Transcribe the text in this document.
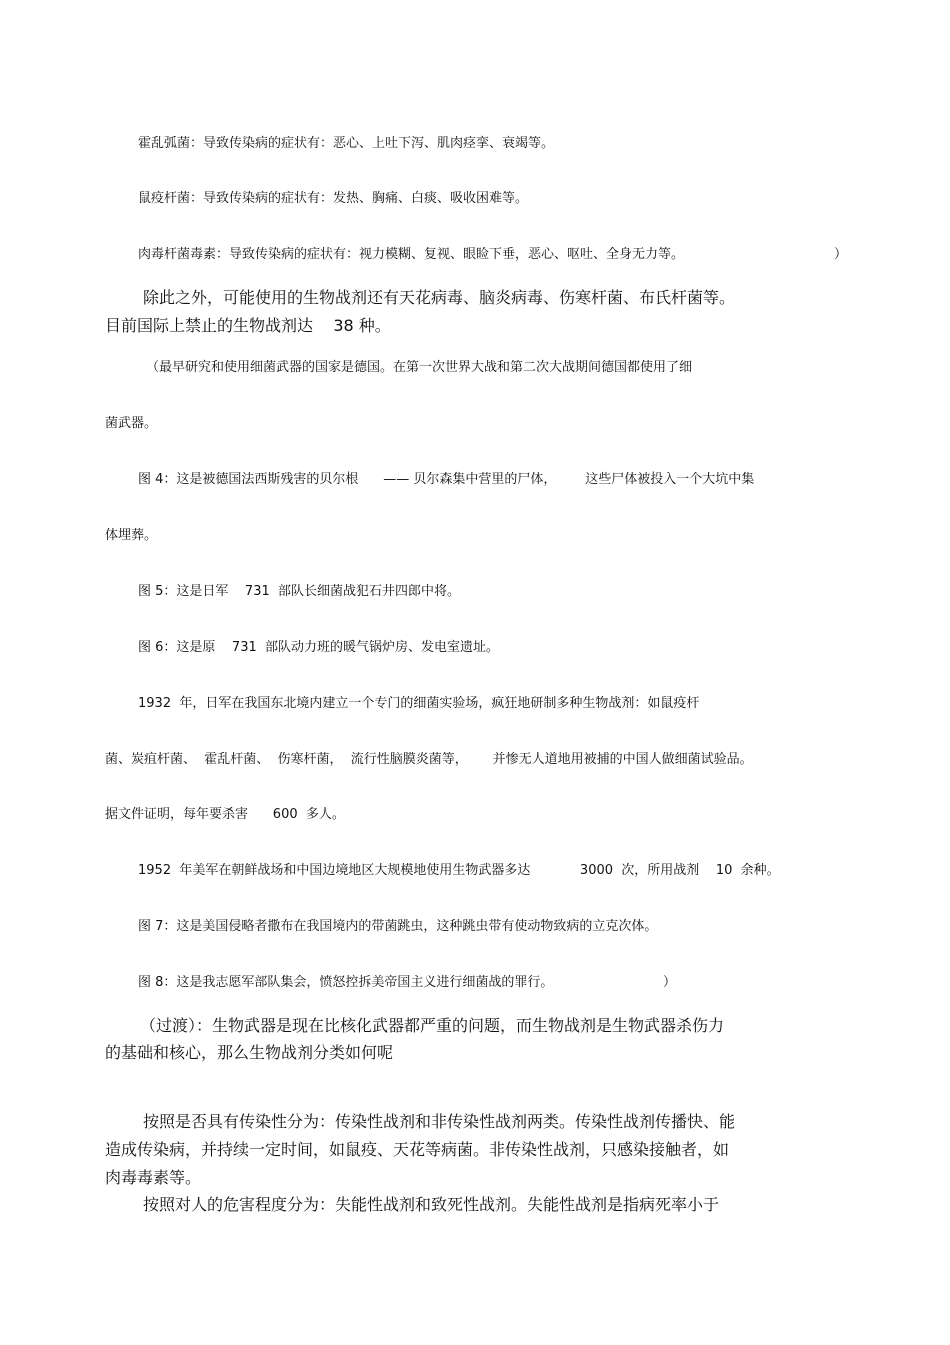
霍乱弧菌：导致传染病的症状有：恶心、上吐下泻、肌肉痉挛、衰竭等。
鼠疫杆菌：导致传染病的症状有：发热、胸痛、白痰、吸收困难等。
肉毒杆菌毒素：导致传染病的症状有：视力模糊、复视、眼睑下垂，恶心、呕吐、全身无力等。	）
除此之外，可能使用的生物战剂还有天花病毒、脑炎病毒、伤寒杆菌、布氏杆菌等。
目前国际上禁止的生物战剂达    38 种。
（最早研究和使用细菌武器的国家是德国。在第一次世界大战和第二次大战期间德国都使用了细
菌武器。
图 4：这是被德国法西斯残害的贝尔根      —— 贝尔森集中营里的尸体，       这些尸体被投入一个大坑中集
体埋葬。
图 5：这是日军    731  部队长细菌战犯石井四郎中将。
图 6：这是原    731  部队动力班的暖气锅炉房、发电室遗址。
1932  年，日军在我国东北境内建立一个专门的细菌实验场，疯狂地研制多种生物战剂：如鼠疫杆
菌、炭疽杆菌、  霍乱杆菌、  伤寒杆菌，  流行性脑膜炎菌等，      并惨无人道地用被捕的中国人做细菌试验品。
据文件证明，每年要杀害      600  多人。
1952  年美军在朝鲜战场和中国边境地区大规模地使用生物武器多达            3000  次，所用战剂    10  余种。
图 7：这是美国侵略者撒布在我国境内的带菌跳虫，这种跳虫带有使动物致病的立克次体。
图 8：这是我志愿军部队集会，愤怒控拆美帝国主义进行细菌战的罪行。	）
（过渡）：生物武器是现在比核化武器都严重的问题，而生物战剂是生物武器杀伤力
的基础和核心，那么生物战剂分类如何呢
按照是否具有传染性分为：传染性战剂和非传染性战剂两类。传染性战剂传播快、能
造成传染病，并持续一定时间，如鼠疫、天花等病菌。非传染性战剂，只感染接触者，如
肉毒毒素等。
按照对人的危害程度分为：失能性战剂和致死性战剂。失能性战剂是指病死率小于
